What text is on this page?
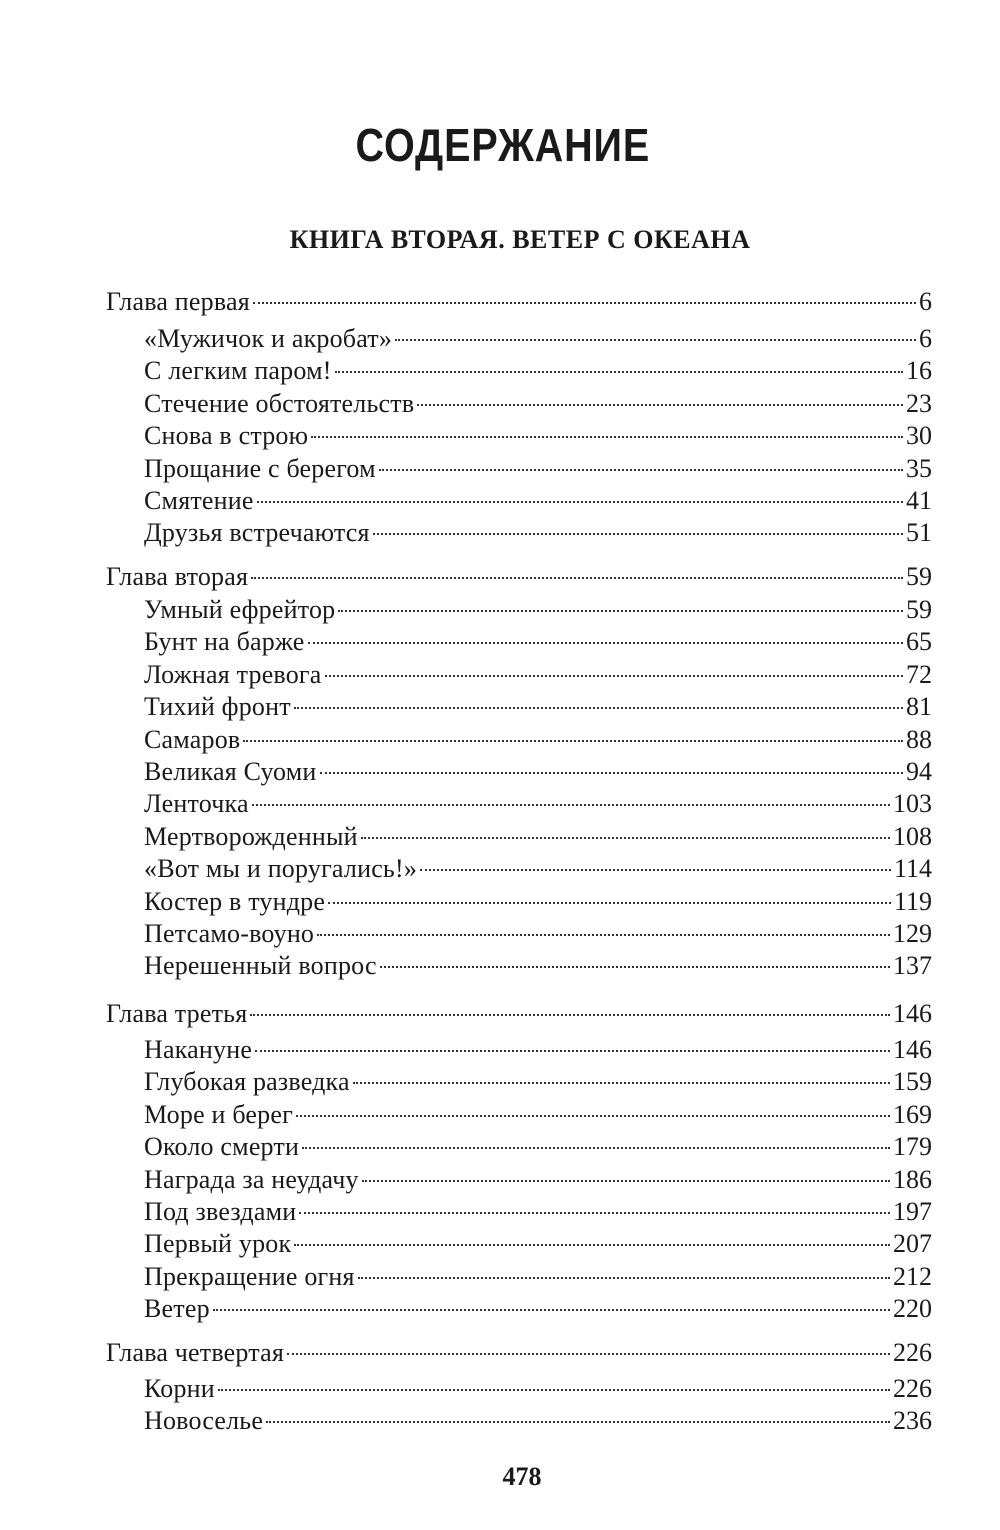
СОДЕРЖАНИЕ
КНИГА ВТОРАЯ. ВЕТЕР С ОКЕАНА
Глава первая	6
«Мужичок и акробат»	6
С легким паром!	16
Стечение обстоятельств	23
Снова в строю	30
Прощание с берегом	35
Смятение	41
Друзья встречаются	51
Глава вторая	59
Умный ефрейтор	59
Бунт на барже	65
Ложная тревога	72
Тихий фронт	81
Самаров	88
Великая Суоми	94
Ленточка	103
Мертворожденный	108
«Вот мы и поругались!»	114
Костер в тундре	119
Петсамо-воуно	129
Нерешенный вопрос	137
Глава третья	146
Накануне	146
Глубокая разведка	159
Море и берег	169
Около смерти	179
Награда за неудачу	186
Под звездами	197
Первый урок	207
Прекращение огня	212
Ветер	220
Глава четвертая	226
Корни	226
Новоселье	236
478
